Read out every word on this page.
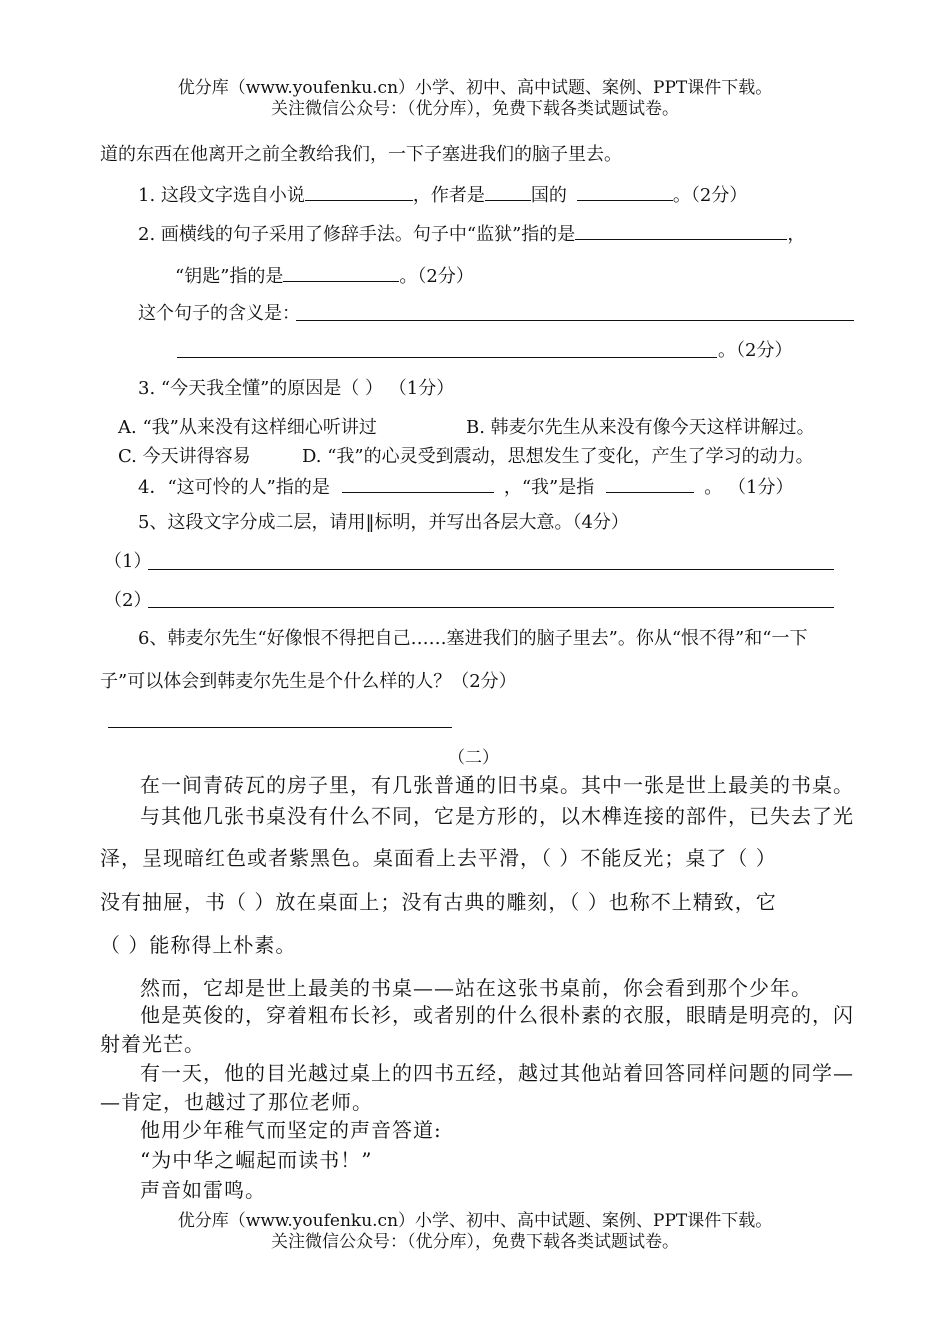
优分库（www.youfenku.cn）小学、初中、高中试题、案例、PPT课件下载。
关注微信公众号：（优分库），免费下载各类试题试卷。
道的东西在他离开之前全教给我们，一下子塞进我们的脑子里去。
1. 这段文字选自小说	，作者是	国的	。（2分）
2. 画横线的句子采用了修辞手法。句子中“监狱”指的是	，
“钥匙”指的是	。（2分）
这个句子的含义是：
。（2分）
3. “今天我全懂”的原因是（ ） （1分）
A. “我”从来没有这样细心听讲过	B. 韩麦尔先生从来没有像今天这样讲解过。
C. 今天讲得容易	D. “我”的心灵受到震动，思想发生了变化，产生了学习的动力。
4．“这可怜的人”指的是	，“我”是指	。 （1分）
5、这段文字分成二层，请用‖标明，并写出各层大意。（4分）
（1）
（2）
6、韩麦尔先生“好像恨不得把自己……塞进我们的脑子里去”。你从“恨不得”和“一下
子”可以体会到韩麦尔先生是个什么样的人？（2分）
（二）
在一间青砖瓦的房子里，有几张普通的旧书桌。其中一张是世上最美的书桌。
与其他几张书桌没有什么不同，它是方形的，以木榫连接的部件，已失去了光
泽，呈现暗红色或者紫黑色。桌面看上去平滑，（ ）不能反光；桌了（ ）
没有抽屉，书（ ）放在桌面上；没有古典的雕刻，（ ）也称不上精致，它
（ ）能称得上朴素。
然而，它却是世上最美的书桌——站在这张书桌前，你会看到那个少年。
他是英俊的，穿着粗布长衫，或者别的什么很朴素的衣服，眼睛是明亮的，闪
射着光芒。
有一天，他的目光越过桌上的四书五经，越过其他站着回答同样问题的同学—
—肯定，也越过了那位老师。
他用少年稚气而坚定的声音答道:
“为中华之崛起而读书！”
声音如雷鸣。
优分库（www.youfenku.cn）小学、初中、高中试题、案例、PPT课件下载。
关注微信公众号：（优分库），免费下载各类试题试卷。
